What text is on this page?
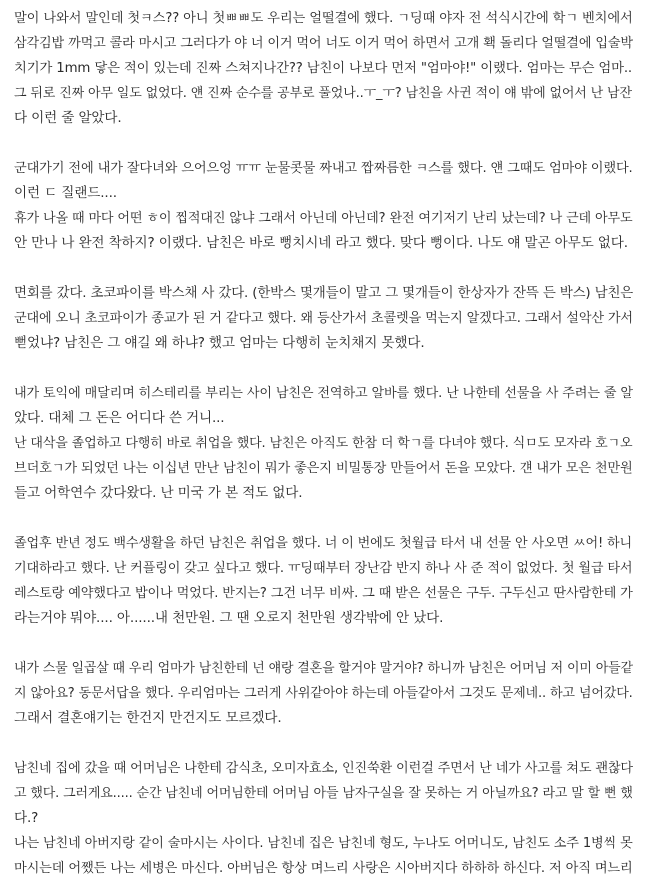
말이 나와서 말인데 첫ㅋ스?? 아니 첫ㅃㅃ도 우리는 얼떨결에 했다. ㄱ딩때 야자 전 석식시간에 학ㄱ 벤치에서
삼각김밥 까먹고 콜라 마시고 그러다가 야 너 이거 먹어 너도 이거 먹어 하면서 고개 홱 돌리다 얼떨결에 입술박
치기가 1mm 닿은 적이 있는데 진짜 스쳐지나간?? 남친이 나보다 먼저 "엄마야!" 이랬다. 엄마는 무슨 엄마..
그 뒤로 진짜 아무 일도 없었다. 얜 진짜 순수를 공부로 풀었나..ㅜ_ㅜ? 남친을 사귄 적이 얘 밖에 없어서 난 남잔
다 이런 줄 알았다.
군대가기 전에 내가 잘다녀와 으어으엉 ㅠㅠ 눈물콧물 짜내고 짭짜름한 ㅋ스를 했다. 얜 그때도 엄마야 이랬다.
이런 ㄷ 질랜드....
휴가 나올 때 마다 어떤 ㅎ이 찝적대진 않냐 그래서 아닌데 아닌데? 완전 여기저기 난리 났는데? 나 근데 아무도
안 만나 나 완전 착하지? 이랬다. 남친은 바로 뻥치시네 라고 했다. 맞다 뻥이다. 나도 얘 말곤 아무도 없다.
면회를 갔다. 초코파이를 박스채 사 갔다. (한박스 몇개들이 말고 그 몇개들이 한상자가 잔뜩 든 박스) 남친은
군대에 오니 초코파이가 종교가 된 거 같다고 했다. 왜 등산가서 초콜렛을 먹는지 알겠다고. 그래서 설악산 가서
뻗었냐? 남친은 그 얘길 왜 하냐? 했고 엄마는 다행히 눈치채지 못했다.
내가 토익에 매달리며 히스테리를 부리는 사이 남친은 전역하고 알바를 했다. 난 나한테 선물을 사 주려는 줄 알
았다. 대체 그 돈은 어디다 쓴 거니...
난 대삭을 졸업하고 다행히 바로 취업을 했다. 남친은 아직도 한참 더 학ㄱ를 다녀야 했다. 식ㅁ도 모자라 호ㄱ오
브더호ㄱ가 되었던 나는 이십년 만난 남친이 뭐가 좋은지 비밀통장 만들어서 돈을 모았다. 걘 내가 모은 천만원
들고 어학연수 갔다왔다. 난 미국 가 본 적도 없다.
졸업후 반년 정도 백수생활을 하던 남친은 취업을 했다. 너 이 번에도 첫월급 타서 내 선물 안 사오면 ㅆ어! 하니
기대하라고 했다. 난 커플링이 갖고 싶다고 했다. ㅠ딩때부터 장난감 반지 하나 사 준 적이 없었다. 첫 월급 타서
레스토랑 예약했다고 밥이나 먹었다. 반지는? 그건 너무 비싸. 그 때 받은 선물은 구두. 구두신고 딴사람한테 가
라는거야 뭐야.... 아......내 천만원. 그 땐 오로지 천만원 생각밖에 안 났다.
내가 스물 일곱살 때 우리 엄마가 남친한테 넌 얘랑 결혼을 할거야 말거야? 하니까 남친은 어머님 저 이미 아들같
지 않아요? 동문서답을 했다. 우리엄마는 그러게 사위같아야 하는데 아들같아서 그것도 문제네.. 하고 넘어갔다.
그래서 결혼얘기는 한건지 만건지도 모르겠다.
남친네 집에 갔을 때 어머님은 나한테 감식초, 오미자효소, 인진쑥환 이런걸 주면서 난 네가 사고를 쳐도 괜찮다
고 했다. 그러게요..... 순간 남친네 어머님한테 어머님 아들 남자구실을 잘 못하는 거 아닐까요? 라고 말 할 뻔 했
다.?
나는 남친네 아버지랑 같이 술마시는 사이다. 남친네 집은 남친네 형도, 누나도 어머니도, 남친도 소주 1병씩 못
마시는데 어쨌든 나는 세병은 마신다. 아버님은 항상 며느리 사랑은 시아버지다 하하하 하신다. 저 아직 며느리
